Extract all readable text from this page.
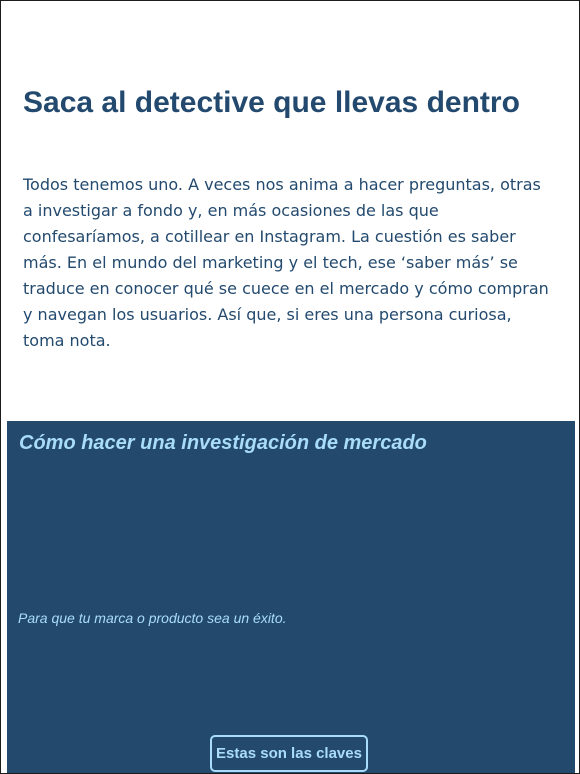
Saca al detective que llevas dentro

Todos tenemos uno. A veces nos anima a hacer preguntas, otras a investigar a fondo y, en más ocasiones de las que confesaríamos, a cotillear en Instagram. La cuestión es saber más. En el mundo del marketing y el tech, ese ‘saber más’ se traduce en conocer qué se cuece en el mercado y cómo compran y navegan los usuarios. Así que, si eres una persona curiosa, toma nota.

Cómo hacer una investigación de mercado

Para que tu marca o producto sea un éxito.

Estas son las claves
